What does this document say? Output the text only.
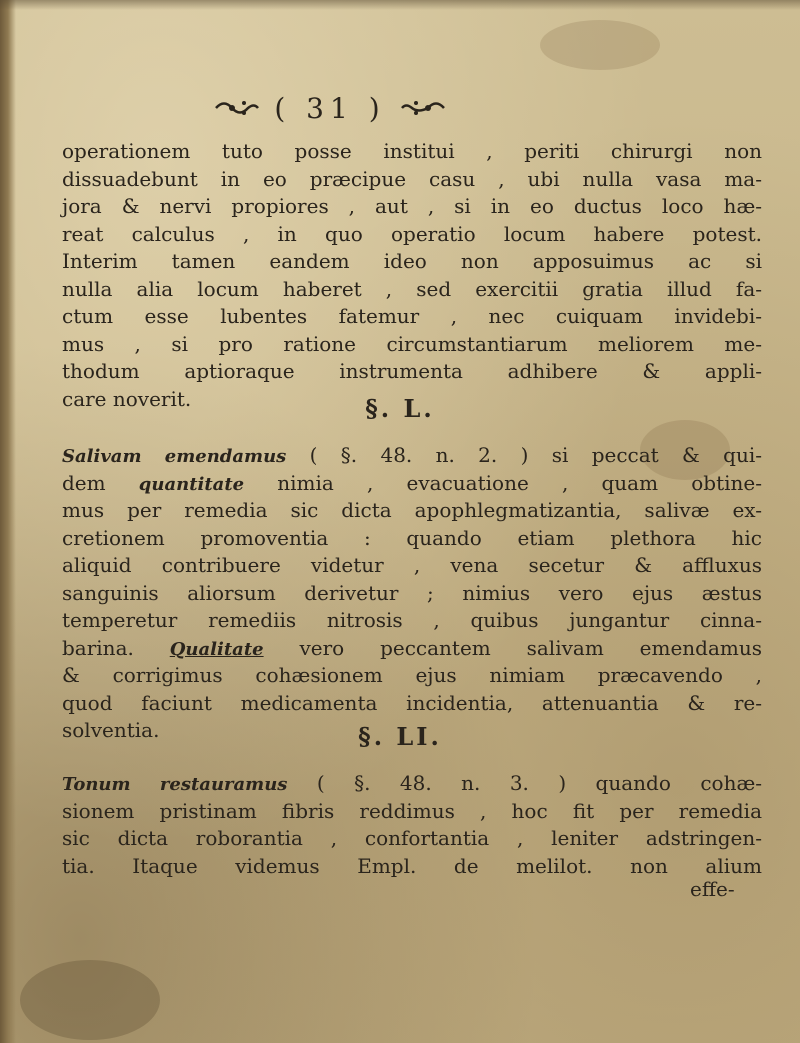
( 31 )
operationem tuto posse institui , periti chirurgi non
dissuadebunt in eo præcipue casu , ubi nulla vasa ma-
jora & nervi propiores , aut , si in eo ductus loco hæ-
reat calculus , in quo operatio locum habere potest.
Interim tamen eandem ideo non apposuimus ac si
nulla alia locum haberet , sed exercitii gratia illud fa-
ctum esse lubentes fatemur , nec cuiquam invidebi-
mus , si pro ratione circumstantiarum meliorem me-
thodum aptioraque instrumenta adhibere & appli-
care noverit.	§. L.
Salivam emendamus ( §. 48. n. 2. ) si peccat & qui-
dem quantitate nimia , evacuatione , quam obtine-
mus per remedia sic dicta apophlegmatizantia, salivæ ex-
cretionem promoventia : quando etiam plethora hic
aliquid contribuere videtur , vena secetur & affluxus
sanguinis aliorsum derivetur ; nimius vero ejus æstus
temperetur remediis nitrosis , quibus jungantur cinna-
barina. Qualitate vero peccantem salivam emendamus
& corrigimus cohæsionem ejus nimiam præcavendo ,
quod faciunt medicamenta incidentia, attenuantia & re-
solventia.	§. LI.
Tonum restauramus ( §. 48. n. 3. ) quando cohæ-
sionem pristinam fibris reddimus , hoc fit per remedia
sic dicta roborantia , confortantia , leniter adstringen-
tia. Itaque videmus Empl. de melilot. non alium
effe-
